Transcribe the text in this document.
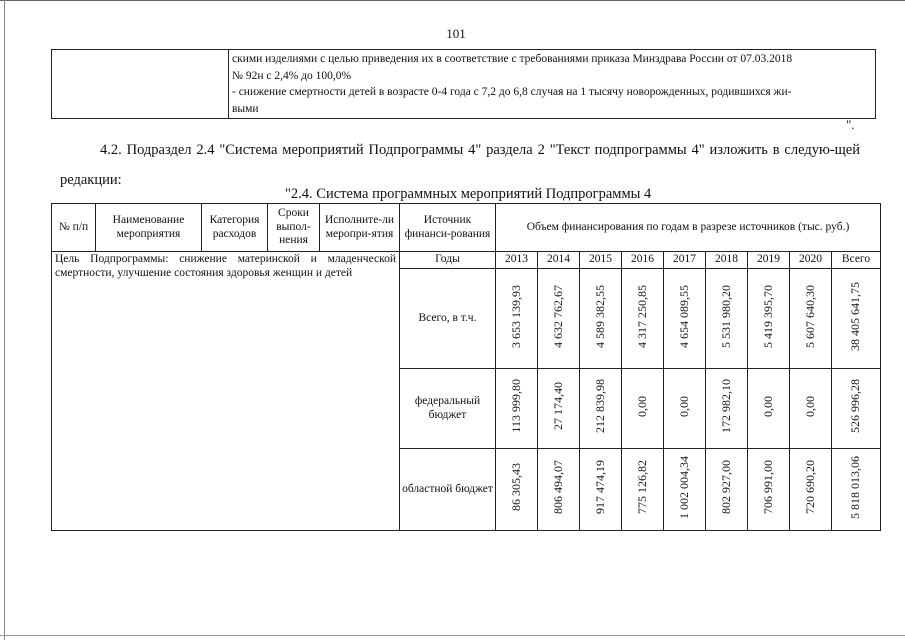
101

скими изделиями с целью приведения их в соответствие с требованиями приказа Минздрава России от 07.03.2018
№ 92н с 2,4% до 100,0%
- снижение смертности детей в возрасте 0-4 года с 7,2 до 6,8 случая на 1 тысячу новорожденных, родившихся жи-
выми
".
4.2. Подраздел 2.4 "Система мероприятий Подпрограммы 4" раздела 2 "Текст подпрограммы 4" изложить в следую-щей редакции:
"2.4. Система программных мероприятий Подпрограммы 4
№ п/п	Наименование мероприятия	Категория расходов	Сроки выпол-нения	Исполните-ли меропри-ятия	Источник финанси-рования	Объем финансирования по годам в разрезе источников (тыс. руб.)								
Цель Подпрограммы: снижение материнской и младенческой смертности, улучшение состояния здоровья женщин и детей					Годы	2013	2014	2015	2016	2017	2018	2019	2020	Всего
					Всего, в т.ч.	3 653 139,93	4 632 762,67	4 589 382,55	4 317 250,85	4 654 089,55	5 531 980,20	5 419 395,70	5 607 640,30	38 405 641,75
					федеральный бюджет	113 999,80	27 174,40	212 839,98	0,00	0,00	172 982,10	0,00	0,00	526 996,28
					областной бюджет	86 305,43	806 494,07	917 474,19	775 126,82	1 002 004,34	802 927,00	706 991,00	720 690,20	5 818 013,06
